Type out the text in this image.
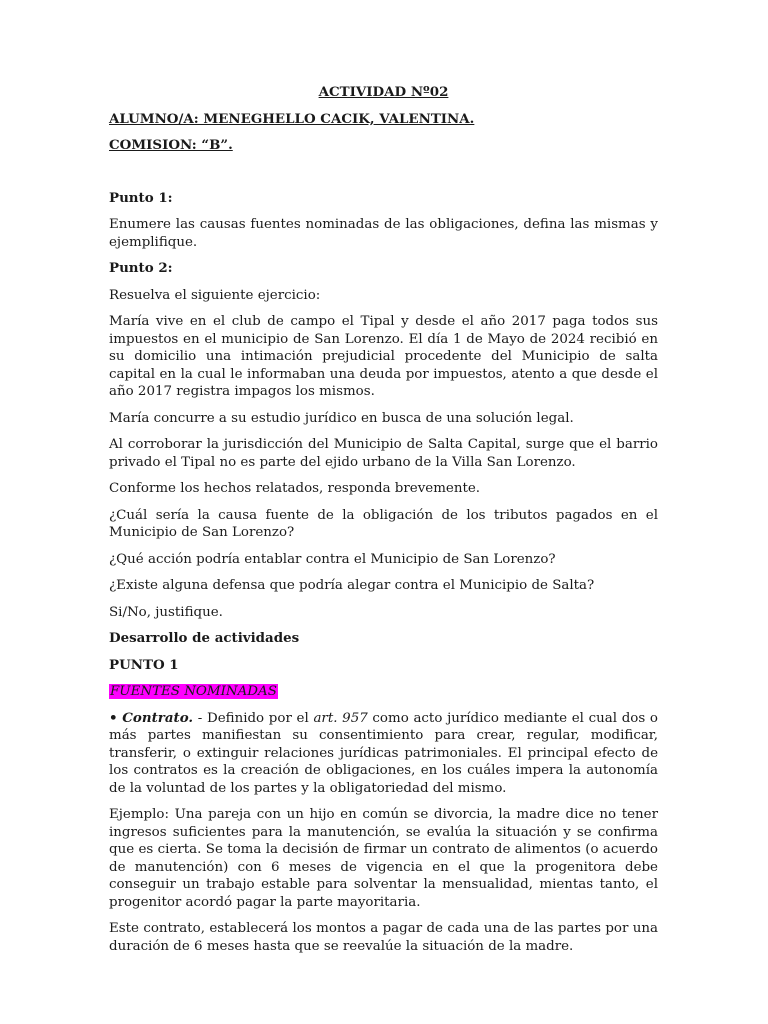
ACTIVIDAD Nº02

ALUMNO/A: MENEGHELLO CACIK, VALENTINA.

COMISION: “B”.

Punto 1:

Enumere las causas fuentes nominadas de las obligaciones, defina las mismas y ejemplifique.

Punto 2:

Resuelva el siguiente ejercicio:

María vive en el club de campo el Tipal y desde el año 2017 paga todos sus impuestos en el municipio de San Lorenzo. El día 1 de Mayo de 2024 recibió en su domicilio una intimación prejudicial procedente del Municipio de salta capital en la cual le informaban una deuda por impuestos, atento a que desde el año 2017 registra impagos los mismos.

María concurre a su estudio jurídico en busca de una solución legal.

Al corroborar la jurisdicción del Municipio de Salta Capital, surge que el barrio privado el Tipal no es parte del ejido urbano de la Villa San Lorenzo.

Conforme los hechos relatados, responda brevemente.

¿Cuál sería la causa fuente de la obligación de los tributos pagados en el Municipio de San Lorenzo?

¿Qué acción podría entablar contra el Municipio de San Lorenzo?

¿Existe alguna defensa que podría alegar contra el Municipio de Salta?

Si/No, justifique.

Desarrollo de actividades

PUNTO 1

FUENTES NOMINADAS

• Contrato. - Definido por el art. 957 como acto jurídico mediante el cual dos o más partes manifiestan su consentimiento para crear, regular, modificar, transferir, o extinguir relaciones jurídicas patrimoniales. El principal efecto de los contratos es la creación de obligaciones, en los cuáles impera la autonomía de la voluntad de los partes y la obligatoriedad del mismo.

Ejemplo: Una pareja con un hijo en común se divorcia, la madre dice no tener ingresos suficientes para la manutención, se evalúa la situación y se confirma que es cierta. Se toma la decisión de firmar un contrato de alimentos (o acuerdo de manutención) con 6 meses de vigencia en el que la progenitora debe conseguir un trabajo estable para solventar la mensualidad, mientas tanto, el progenitor acordó pagar la parte mayoritaria.

Este contrato, establecerá los montos a pagar de cada una de las partes por una duración de 6 meses hasta que se reevalúe la situación de la madre.
